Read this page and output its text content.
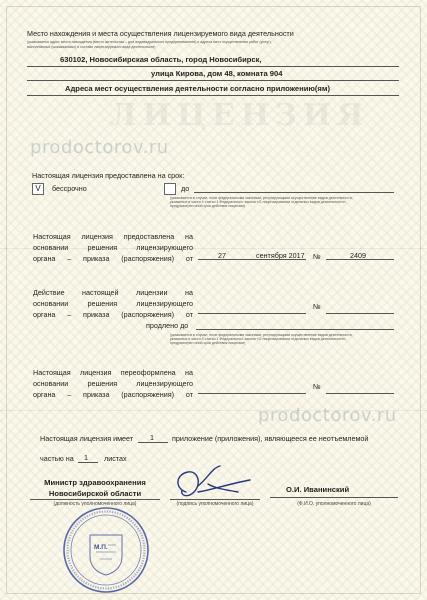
ЛИЦЕНЗИЯ
Место нахождения и места осуществления лицензируемого вида деятельности
(указывается адрес места нахождения (место жительства – для индивидуального предпринимателя) и адреса мест осуществления работ (услуг),
выполняемых (оказываемых) в составе лицензируемого вида деятельности)
630102, Новосибирская область, город Новосибирск,
улица Кирова, дом 48, комната 904
Адреса мест осуществления деятельности согласно приложению(ям)
prodoctorov.ru
Настоящая лицензия предоставлена на срок:
V	бессрочно	до
(указывается в случае, если федеральными законами, регулирующими осуществление видов деятельности,
указанных в части 4 статьи 1 Федерального закона «О лицензировании отдельных видов деятельности»,
предусмотрен иной срок действия лицензии)
Настоящая лицензия предоставлена на
основании решения лицензирующего
органа – приказа (распоряжения) от	27	сентября 2017 №	2409
Действие настоящей лицензии на
основании решения лицензирующего
органа – приказа (распоряжения) от
№
продлено до
(указывается в случае, если федеральными законами, регулирующими осуществление видов деятельности,
указанных в части 4 статьи 1 Федерального закона «О лицензировании отдельных видов деятельности»,
предусмотрен иной срок действия лицензии)
Настоящая лицензия переоформлена на
основании решения лицензирующего
органа – приказа (распоряжения) от
№
Настоящая лицензия имеет 1	приложение (приложения), являющееся ее неотъемлемой
частью на 1 листах
prodoctorov.ru
Министр здравоохранения
Новосибирской области
(должность уполномоченного лица)	(подпись уполномоченного лица)
О.И. Иванинский
(Ф.И.О. уполномоченного лица)
М.П.
